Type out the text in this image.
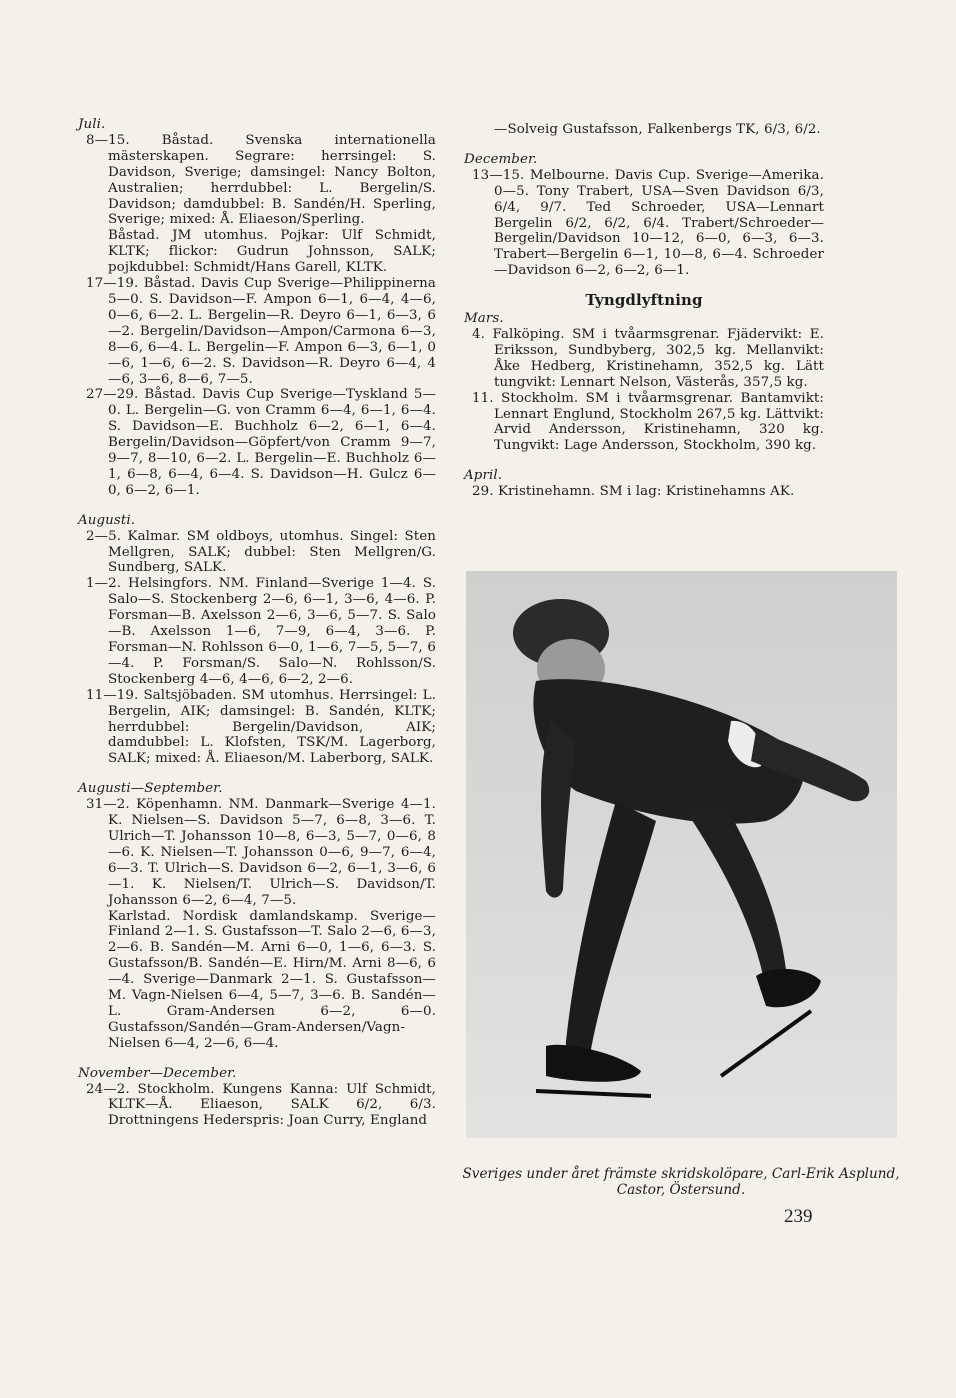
Juli.

8—15. Båstad. Svenska internationella mästerskapen. Segrare: herrsingel: S. Davidson, Sverige; damsingel: Nancy Bolton, Australien; herrdubbel: L. Bergelin/S. Davidson; damdubbel: B. Sandén/H. Sperling, Sverige; mixed: Å. Eliaeson/Sperling.

Båstad. JM utomhus. Pojkar: Ulf Schmidt, KLTK; flickor: Gudrun Johnsson, SALK; pojkdubbel: Schmidt/Hans Garell, KLTK.

17—19. Båstad. Davis Cup Sverige—Philippinerna 5—0. S. Davidson—F. Ampon 6—1, 6—4, 4—6, 0—6, 6—2. L. Bergelin—R. Deyro 6—1, 6—3, 6—2. Bergelin/Davidson—Ampon/Carmona 6—3, 8—6, 6—4. L. Bergelin—F. Ampon 6—3, 6—1, 0—6, 1—6, 6—2. S. Davidson—R. Deyro 6—4, 4—6, 3—6, 8—6, 7—5.

27—29. Båstad. Davis Cup Sverige—Tyskland 5—0. L. Bergelin—G. von Cramm 6—4, 6—1, 6—4. S. Davidson—E. Buchholz 6—2, 6—1, 6—4. Bergelin/Davidson—Göpfert/von Cramm 9—7, 9—7, 8—10, 6—2. L. Bergelin—E. Buchholz 6—1, 6—8, 6—4, 6—4. S. Davidson—H. Gulcz 6—0, 6—2, 6—1.

Augusti.

2—5. Kalmar. SM oldboys, utomhus. Singel: Sten Mellgren, SALK; dubbel: Sten Mellgren/G. Sundberg, SALK.

1—2. Helsingfors. NM. Finland—Sverige 1—4. S. Salo—S. Stockenberg 2—6, 6—1, 3—6, 4—6. P. Forsman—B. Axelsson 2—6, 3—6, 5—7. S. Salo—B. Axelsson 1—6, 7—9, 6—4, 3—6. P. Forsman—N. Rohlsson 6—0, 1—6, 7—5, 5—7, 6—4. P. Forsman/S. Salo—N. Rohlsson/S. Stockenberg 4—6, 4—6, 6—2, 2—6.

11—19. Saltsjöbaden. SM utomhus. Herrsingel: L. Bergelin, AIK; damsingel: B. Sandén, KLTK; herrdubbel: Bergelin/Davidson, AIK; damdubbel: L. Klofsten, TSK/M. Lagerborg, SALK; mixed: Å. Eliaeson/M. Laberborg, SALK.

Augusti—September.

31—2. Köpenhamn. NM. Danmark—Sverige 4—1. K. Nielsen—S. Davidson 5—7, 6—8, 3—6. T. Ulrich—T. Johansson 10—8, 6—3, 5—7, 0—6, 8—6. K. Nielsen—T. Johansson 0—6, 9—7, 6—4, 6—3. T. Ulrich—S. Davidson 6—2, 6—1, 3—6, 6—1. K. Nielsen/T. Ulrich—S. Davidson/T. Johansson 6—2, 6—4, 7—5.

Karlstad. Nordisk damlandskamp. Sverige—Finland 2—1. S. Gustafsson—T. Salo 2—6, 6—3, 2—6. B. Sandén—M. Arni 6—0, 1—6, 6—3. S. Gustafsson/B. Sandén—E. Hirn/M. Arni 8—6, 6—4. Sverige—Danmark 2—1. S. Gustafsson—M. Vagn-Nielsen 6—4, 5—7, 3—6. B. Sandén—L. Gram-Andersen 6—2, 6—0. Gustafsson/Sandén—Gram-Andersen/Vagn-Nielsen 6—4, 2—6, 6—4.

November—December.

24—2. Stockholm. Kungens Kanna: Ulf Schmidt, KLTK—Å. Eliaeson, SALK 6/2, 6/3. Drottningens Hederspris: Joan Curry, England

—Solveig Gustafsson, Falkenbergs TK, 6/3, 6/2.

December.

13—15. Melbourne. Davis Cup. Sverige—Amerika. 0—5. Tony Trabert, USA—Sven Davidson 6/3, 6/4, 9/7. Ted Schroeder, USA—Lennart Bergelin 6/2, 6/2, 6/4. Trabert/Schroeder—Bergelin/Davidson 10—12, 6—0, 6—3, 6—3. Trabert—Bergelin 6—1, 10—8, 6—4. Schroeder—Davidson 6—2, 6—2, 6—1.

Tyngdlyftning

Mars.

4. Falköping. SM i tvåarmsgrenar. Fjädervikt: E. Eriksson, Sundbyberg, 302,5 kg. Mellanvikt: Åke Hedberg, Kristinehamn, 352,5 kg. Lätt tungvikt: Lennart Nelson, Västerås, 357,5 kg.

11. Stockholm. SM i tvåarmsgrenar. Bantamvikt: Lennart Englund, Stockholm 267,5 kg. Lättvikt: Arvid Andersson, Kristinehamn, 320 kg. Tungvikt: Lage Andersson, Stockholm, 390 kg.

April.

29. Kristinehamn. SM i lag: Kristinehamns AK.

Sveriges under året främste skridskolöpare, Carl-Erik Asplund, Castor, Östersund.

239
